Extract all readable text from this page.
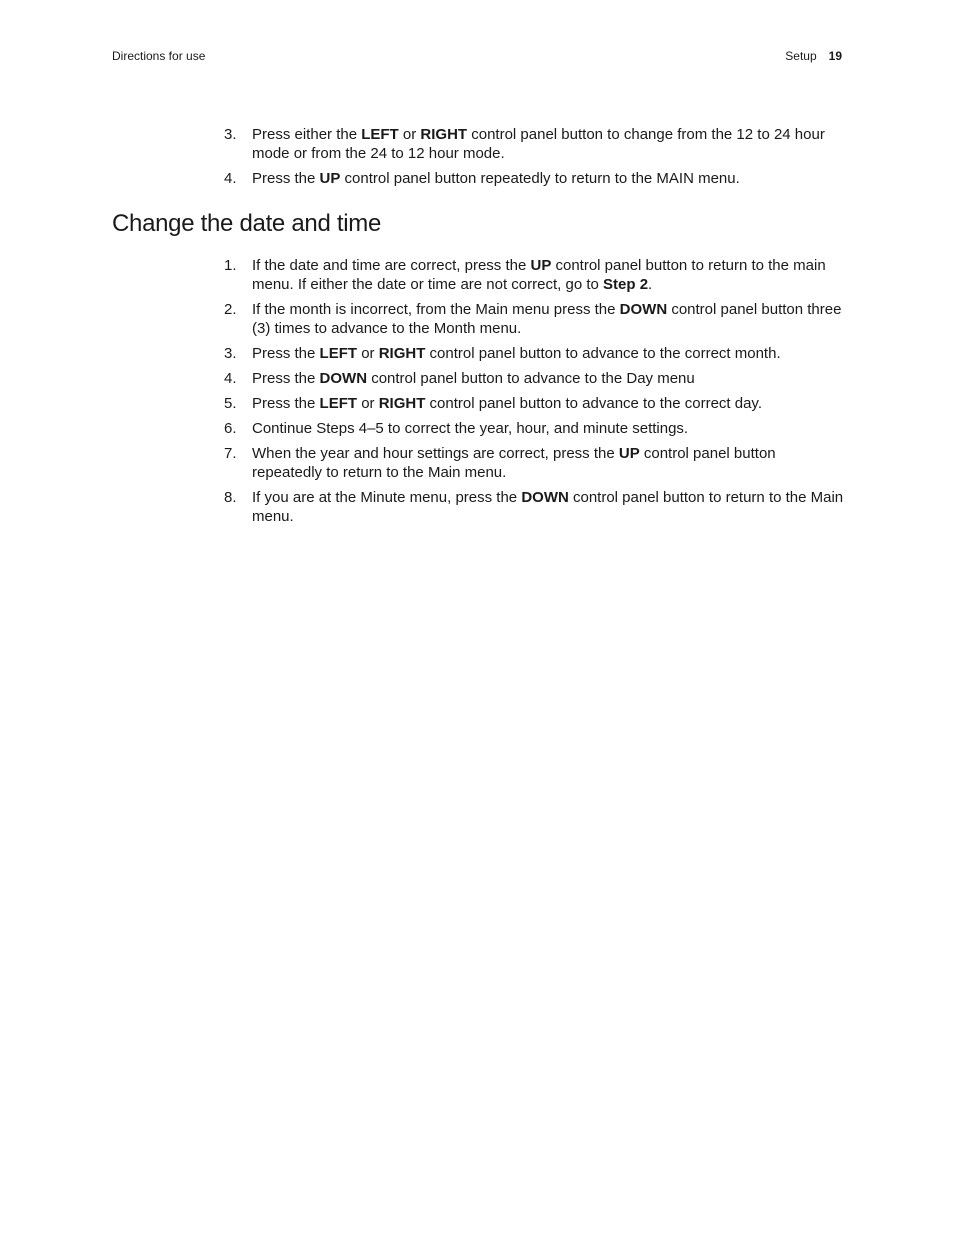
Directions for use	Setup 19
3. Press either the LEFT or RIGHT control panel button to change from the 12 to 24 hour mode or from the 24 to 12 hour mode.
4. Press the UP control panel button repeatedly to return to the MAIN menu.
Change the date and time
1. If the date and time are correct, press the UP control panel button to return to the main menu. If either the date or time are not correct, go to Step 2.
2. If the month is incorrect, from the Main menu press the DOWN control panel button three (3) times to advance to the Month menu.
3. Press the LEFT or RIGHT control panel button to advance to the correct month.
4. Press the DOWN control panel button to advance to the Day menu
5. Press the LEFT or RIGHT control panel button to advance to the correct day.
6. Continue Steps 4–5 to correct the year, hour, and minute settings.
7. When the year and hour settings are correct, press the UP control panel button repeatedly to return to the Main menu.
8. If you are at the Minute menu, press the DOWN control panel button to return to the Main menu.
